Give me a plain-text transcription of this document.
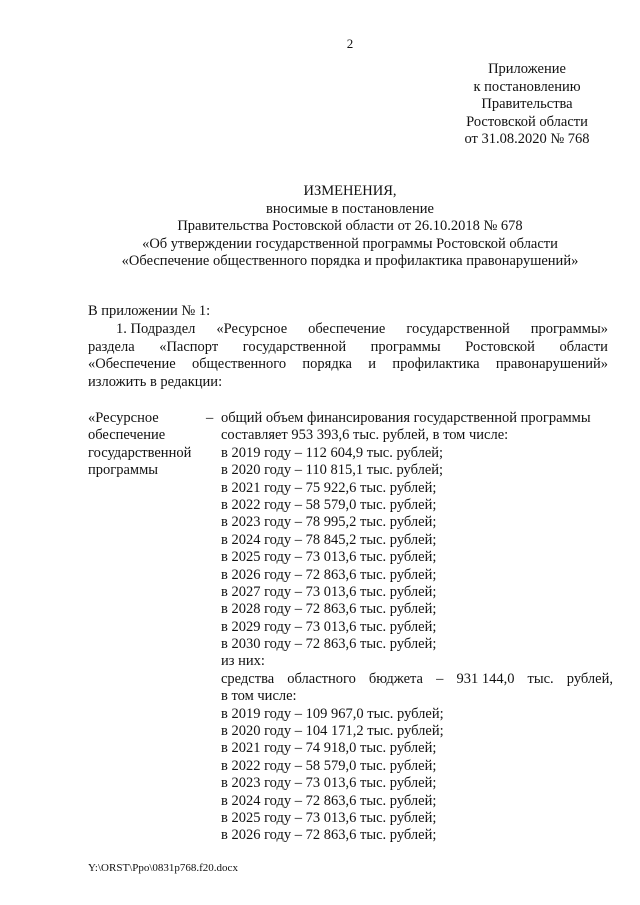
2
Приложение
к постановлению
Правительства
Ростовской области
от 31.08.2020 № 768
ИЗМЕНЕНИЯ,
вносимые в постановление
Правительства Ростовской области от 26.10.2018 № 678
«Об утверждении государственной программы Ростовской области
«Обеспечение общественного порядка и профилактика правонарушений»
В приложении № 1:
1. Подраздел «Ресурсное обеспечение государственной программы»
раздела «Паспорт государственной программы Ростовской области
«Обеспечение общественного порядка и профилактика правонарушений»
изложить в редакции:
«Ресурсное
обеспечение
государственной
программы
– общий объем финансирования государственной программы
составляет 953 393,6 тыс. рублей, в том числе:
в 2019 году – 112 604,9 тыс. рублей;
в 2020 году – 110 815,1 тыс. рублей;
в 2021 году – 75 922,6 тыс. рублей;
в 2022 году – 58 579,0 тыс. рублей;
в 2023 году – 78 995,2 тыс. рублей;
в 2024 году – 78 845,2 тыс. рублей;
в 2025 году – 73 013,6 тыс. рублей;
в 2026 году – 72 863,6 тыс. рублей;
в 2027 году – 73 013,6 тыс. рублей;
в 2028 году – 72 863,6 тыс. рублей;
в 2029 году – 73 013,6 тыс. рублей;
в 2030 году – 72 863,6 тыс. рублей;
из них:
средства областного бюджета – 931 144,0 тыс. рублей,
в том числе:
в 2019 году – 109 967,0 тыс. рублей;
в 2020 году – 104 171,2 тыс. рублей;
в 2021 году – 74 918,0 тыс. рублей;
в 2022 году – 58 579,0 тыс. рублей;
в 2023 году – 73 013,6 тыс. рублей;
в 2024 году – 72 863,6 тыс. рублей;
в 2025 году – 73 013,6 тыс. рублей;
в 2026 году – 72 863,6 тыс. рублей;
Y:\ORST\Ppo\0831p768.f20.docx
